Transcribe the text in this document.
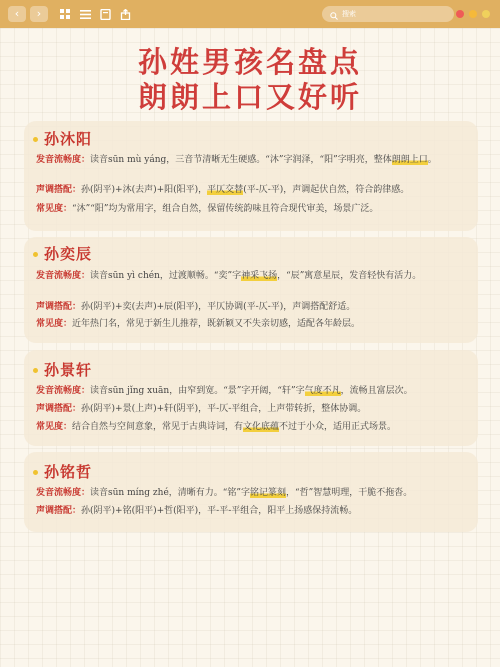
‹	›	搜索
孙姓男孩名盘点
朗朗上口又好听
孙沐阳
发音流畅度：读音sūn mù yáng，三音节清晰无生硬感。“沐”字润泽，“阳”字明亮，整体朗朗上口。
声调搭配：孙(阴平)+沐(去声)+阳(阳平)，平仄交替(平-仄-平)，声调起伏自然，符合韵律感。
常见度：“沐”“阳”均为常用字，组合自然，保留传统韵味且符合现代审美，场景广泛。
孙奕辰
发音流畅度：读音sūn yì chén，过渡顺畅。“奕”字神采飞扬，“辰”寓意星辰，发音轻快有活力。
声调搭配：孙(阴平)+奕(去声)+辰(阳平)，平仄协调(平-仄-平)，声调搭配舒适。
常见度：近年热门名，常见于新生儿推荐，既新颖又不失亲切感，适配各年龄层。
孙景轩
发音流畅度：读音sūn jǐng xuān，由窄到宽。“景”字开阔，“轩”字气度不凡，流畅且富层次。
声调搭配：孙(阴平)+景(上声)+轩(阴平)，平-仄-平组合，上声带转折，整体协调。
常见度：结合自然与空间意象，常见于古典诗词，有文化底蕴不过于小众，适用正式场景。
孙铭哲
发音流畅度：读音sūn míng zhé，清晰有力。“铭”字铭记篆刻，“哲”智慧明理，干脆不拖沓。
声调搭配：孙(阴平)+铭(阳平)+哲(阳平)，平-平-平组合，阳平上扬感保持流畅。
